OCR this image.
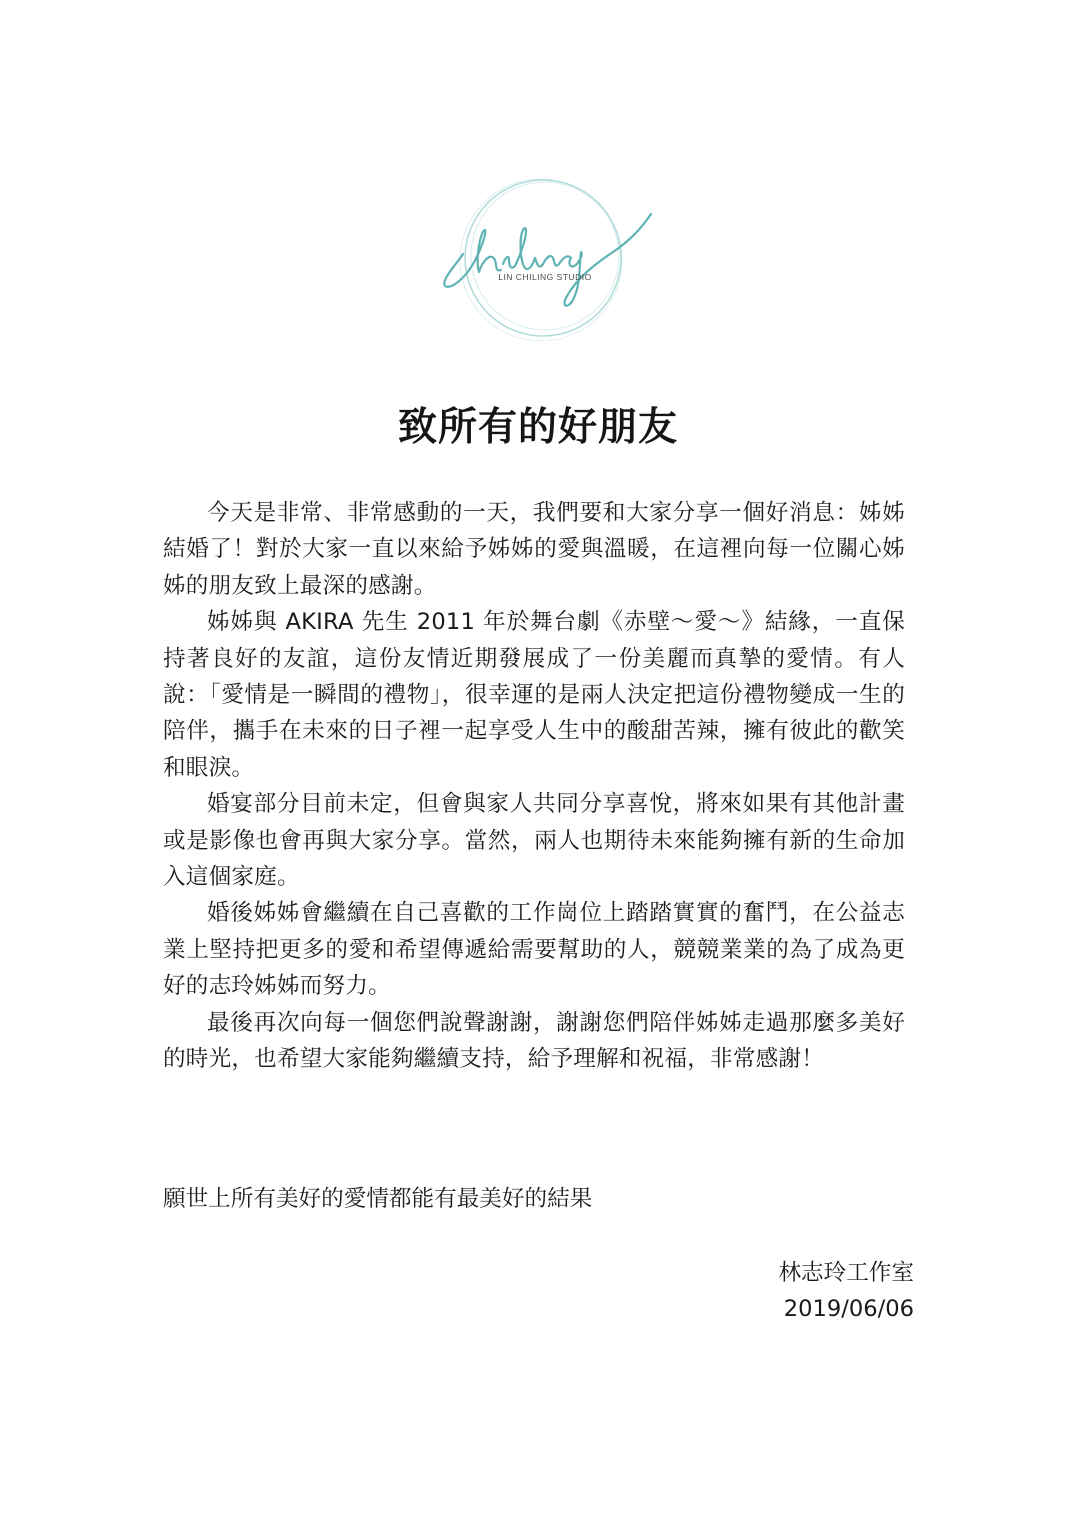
LIN CHILING STUDIO
致所有的好朋友

今天是非常、非常感動的一天，我們要和大家分享一個好消息：姊姊結婚了！對於大家一直以來給予姊姊的愛與溫暖，在這裡向每一位關心姊姊的朋友致上最深的感謝。

姊姊與 AKIRA 先生 2011 年於舞台劇《赤壁～愛～》結緣，一直保持著良好的友誼，這份友情近期發展成了一份美麗而真摯的愛情。有人說：「愛情是一瞬間的禮物」，很幸運的是兩人決定把這份禮物變成一生的陪伴，攜手在未來的日子裡一起享受人生中的酸甜苦辣，擁有彼此的歡笑和眼淚。

婚宴部分目前未定，但會與家人共同分享喜悅，將來如果有其他計畫或是影像也會再與大家分享。當然，兩人也期待未來能夠擁有新的生命加入這個家庭。

婚後姊姊會繼續在自己喜歡的工作崗位上踏踏實實的奮鬥，在公益志業上堅持把更多的愛和希望傳遞給需要幫助的人，競競業業的為了成為更好的志玲姊姊而努力。

最後再次向每一個您們說聲謝謝，謝謝您們陪伴姊姊走過那麼多美好的時光，也希望大家能夠繼續支持，給予理解和祝福，非常感謝！

願世上所有美好的愛情都能有最美好的結果
林志玲工作室
2019/06/06
